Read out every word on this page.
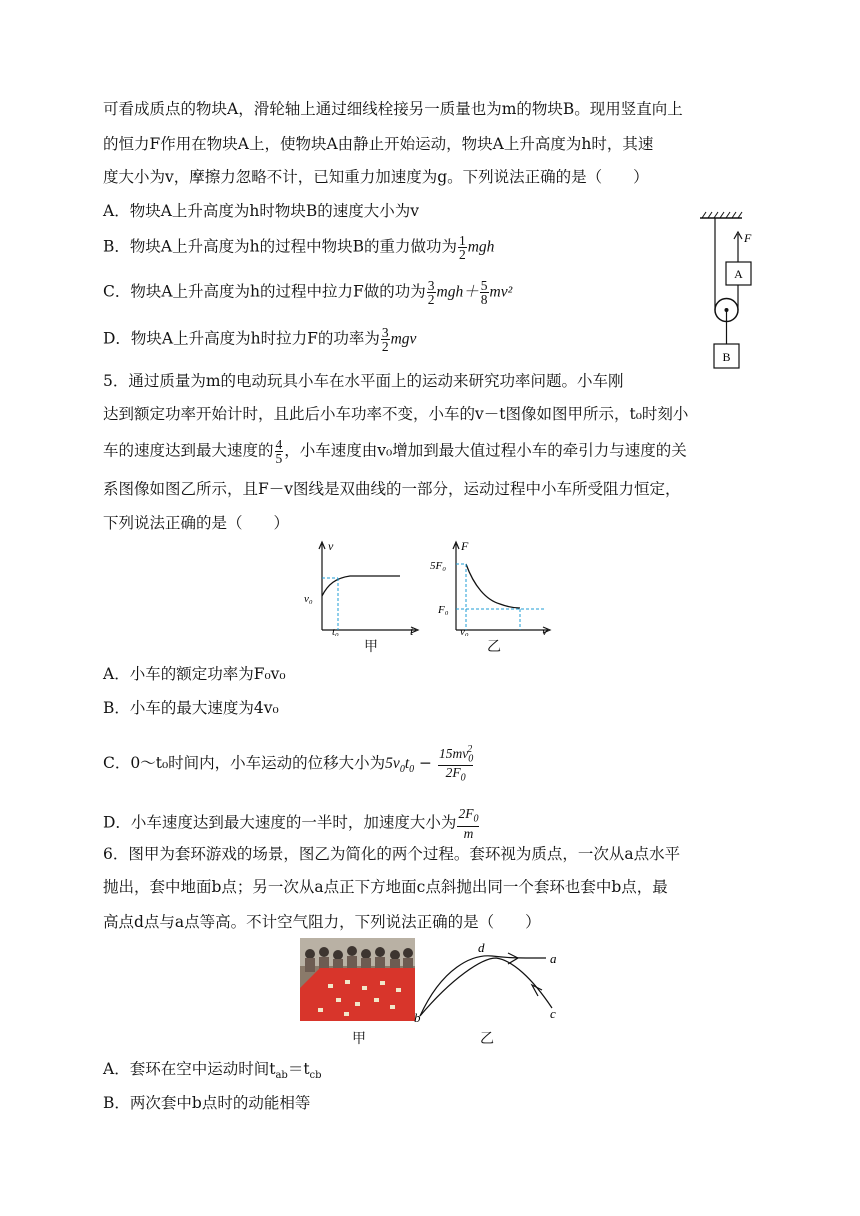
可看成质点的物块A，滑轮轴上通过细线栓接另一质量也为m的物块B。现用竖直向上
的恒力F作用在物块A上，使物块A由静止开始运动，物块A上升高度为h时，其速
度大小为v，摩擦力忽略不计，已知重力加速度为g。下列说法正确的是（　　）
A．物块A上升高度为h时物块B的速度大小为v
B．物块A上升高度为h的过程中物块B的重力做功为 $\frac{1}{2}$ mgh
C．物块A上升高度为h的过程中拉力F做的功为 $\frac{3}{2} mgh+ \frac{5}{8} mv^2$
D．物块A上升高度为h时拉力F的功率为 $\frac{3}{2}$ mgv
A
F
B
5．通过质量为m的电动玩具小车在水平面上的运动来研究功率问题。小车刚
达到额定功率开始计时，且此后小车功率不变，小车的v－t图像如图甲所示，t₀时刻小
车的速度达到最大速度的 $\frac{4}{5}$ ，小车速度由v₀增加到最大值过程小车的牵引力与速度的关
系图像如图乙所示，且F－v图线是双曲线的一部分，运动过程中小车所受阻力恒定，
下列说法正确的是（　　）
v
v₀
t₀	t
甲
F
5F₀
F₀
v₀	v
乙
A．小车的额定功率为F₀v₀
B．小车的最大速度为4v₀
C．0～t₀时间内，小车运动的位移大小为$5v_0t_0 - \frac{15mv_0^2}{2F_0}$
D．小车速度达到最大速度的一半时，加速度大小为 $\frac{2F_0}{m}$
6．图甲为套环游戏的场景，图乙为简化的两个过程。套环视为质点，一次从a点水平
抛出，套中地面b点；另一次从a点正下方地面c点斜抛出同一个套环也套中b点，最
高点d点与a点等高。不计空气阻力，下列说法正确的是（　　）
甲
d
a
b	c
乙
A．套环在空中运动时间$t_{ab}=t_{cb}$
B．两次套中b点时的动能相等
